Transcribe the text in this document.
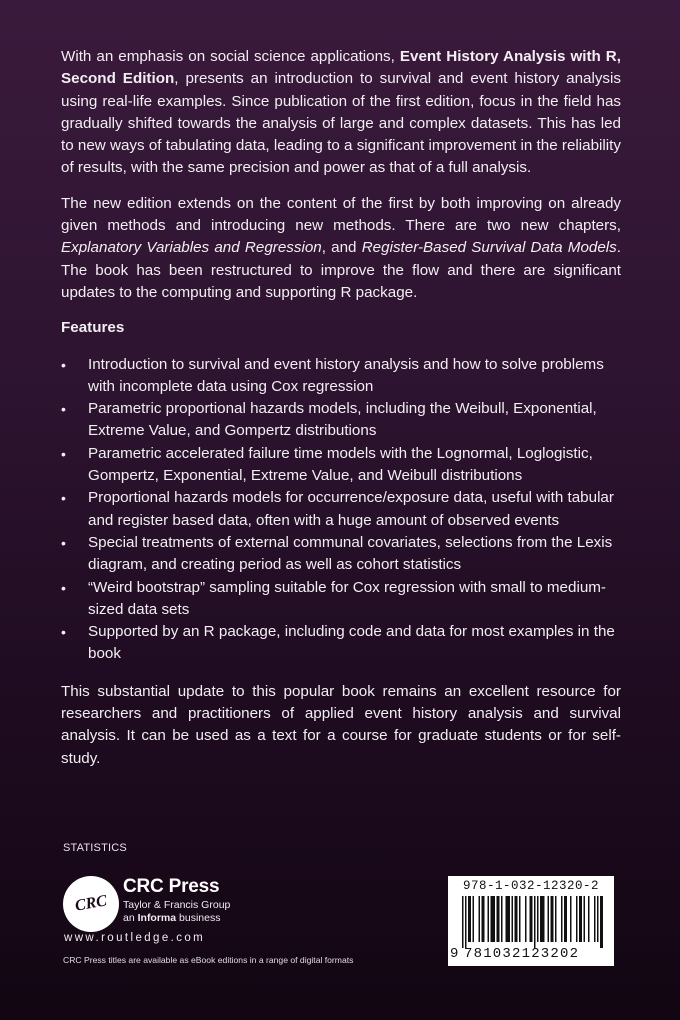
With an emphasis on social science applications, Event History Analysis with R, Second Edition, presents an introduction to survival and event history analysis using real-life examples. Since publication of the first edition, focus in the field has gradually shifted towards the analysis of large and complex datasets. This has led to new ways of tabulating data, leading to a significant improvement in the reliability of results, with the same precision and power as that of a full analysis.

The new edition extends on the content of the first by both improving on already given methods and introducing new methods. There are two new chapters, Explanatory Variables and Regression, and Register-Based Survival Data Models. The book has been restructured to improve the flow and there are significant updates to the computing and supporting R package.

Features
• Introduction to survival and event history analysis and how to solve problems with incomplete data using Cox regression
• Parametric proportional hazards models, including the Weibull, Exponential, Extreme Value, and Gompertz distributions
• Parametric accelerated failure time models with the Lognormal, Loglogistic, Gompertz, Exponential, Extreme Value, and Weibull distributions
• Proportional hazards models for occurrence/exposure data, useful with tabular and register based data, often with a huge amount of observed events
• Special treatments of external communal covariates, selections from the Lexis diagram, and creating period as well as cohort statistics
• “Weird bootstrap” sampling suitable for Cox regression with small to medium-sized data sets
• Supported by an R package, including code and data for most examples in the book

This substantial update to this popular book remains an excellent resource for researchers and practitioners of applied event history analysis and survival analysis. It can be used as a text for a course for graduate students or for self-study.

STATISTICS
CRC
CRC Press
Taylor & Francis Group
an Informa business
www.routledge.com
CRC Press titles are available as eBook editions in a range of digital formats
978-1-032-12320-2
9 781032123202
